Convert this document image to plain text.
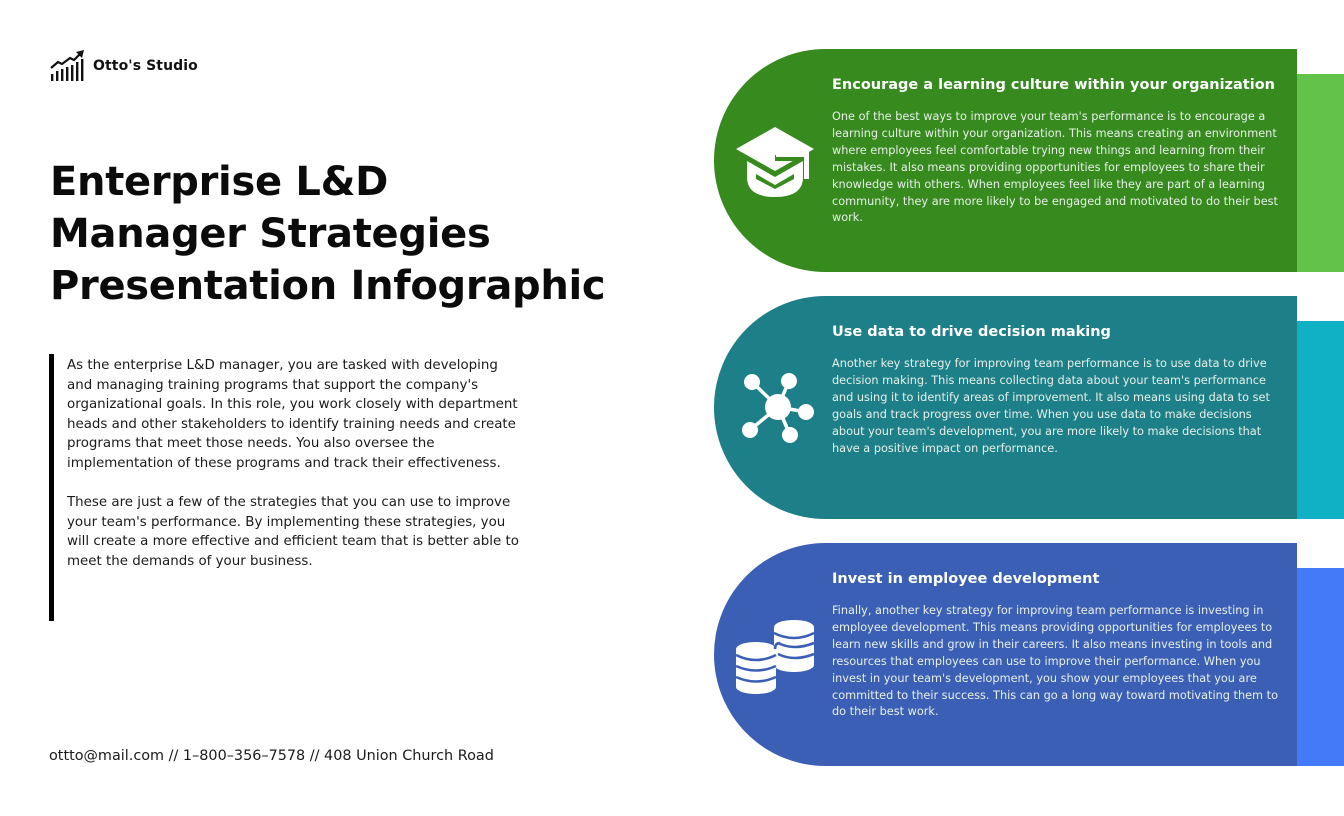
Otto's Studio
Enterprise L&D
Manager Strategies
Presentation Infographic

As the enterprise L&D manager, you are tasked with developing and managing training programs that support the company's organizational goals. In this role, you work closely with department heads and other stakeholders to identify training needs and create programs that meet those needs. You also oversee the implementation of these programs and track their effectiveness.

These are just a few of the strategies that you can use to improve your team's performance. By implementing these strategies, you will create a more effective and efficient team that is better able to meet the demands of your business.

ottto@mail.com // 1–800–356–7578 // 408 Union Church Road
Encourage a learning culture within your organization
One of the best ways to improve your team's performance is to encourage a learning culture within your organization. This means creating an environment where employees feel comfortable trying new things and learning from their mistakes. It also means providing opportunities for employees to share their knowledge with others. When employees feel like they are part of a learning community, they are more likely to be engaged and motivated to do their best work.
Use data to drive decision making
Another key strategy for improving team performance is to use data to drive decision making. This means collecting data about your team's performance and using it to identify areas of improvement. It also means using data to set goals and track progress over time. When you use data to make decisions about your team's development, you are more likely to make decisions that have a positive impact on performance.
Invest in employee development
Finally, another key strategy for improving team performance is investing in employee development. This means providing opportunities for employees to learn new skills and grow in their careers. It also means investing in tools and resources that employees can use to improve their performance. When you invest in your team's development, you show your employees that you are committed to their success. This can go a long way toward motivating them to do their best work.
